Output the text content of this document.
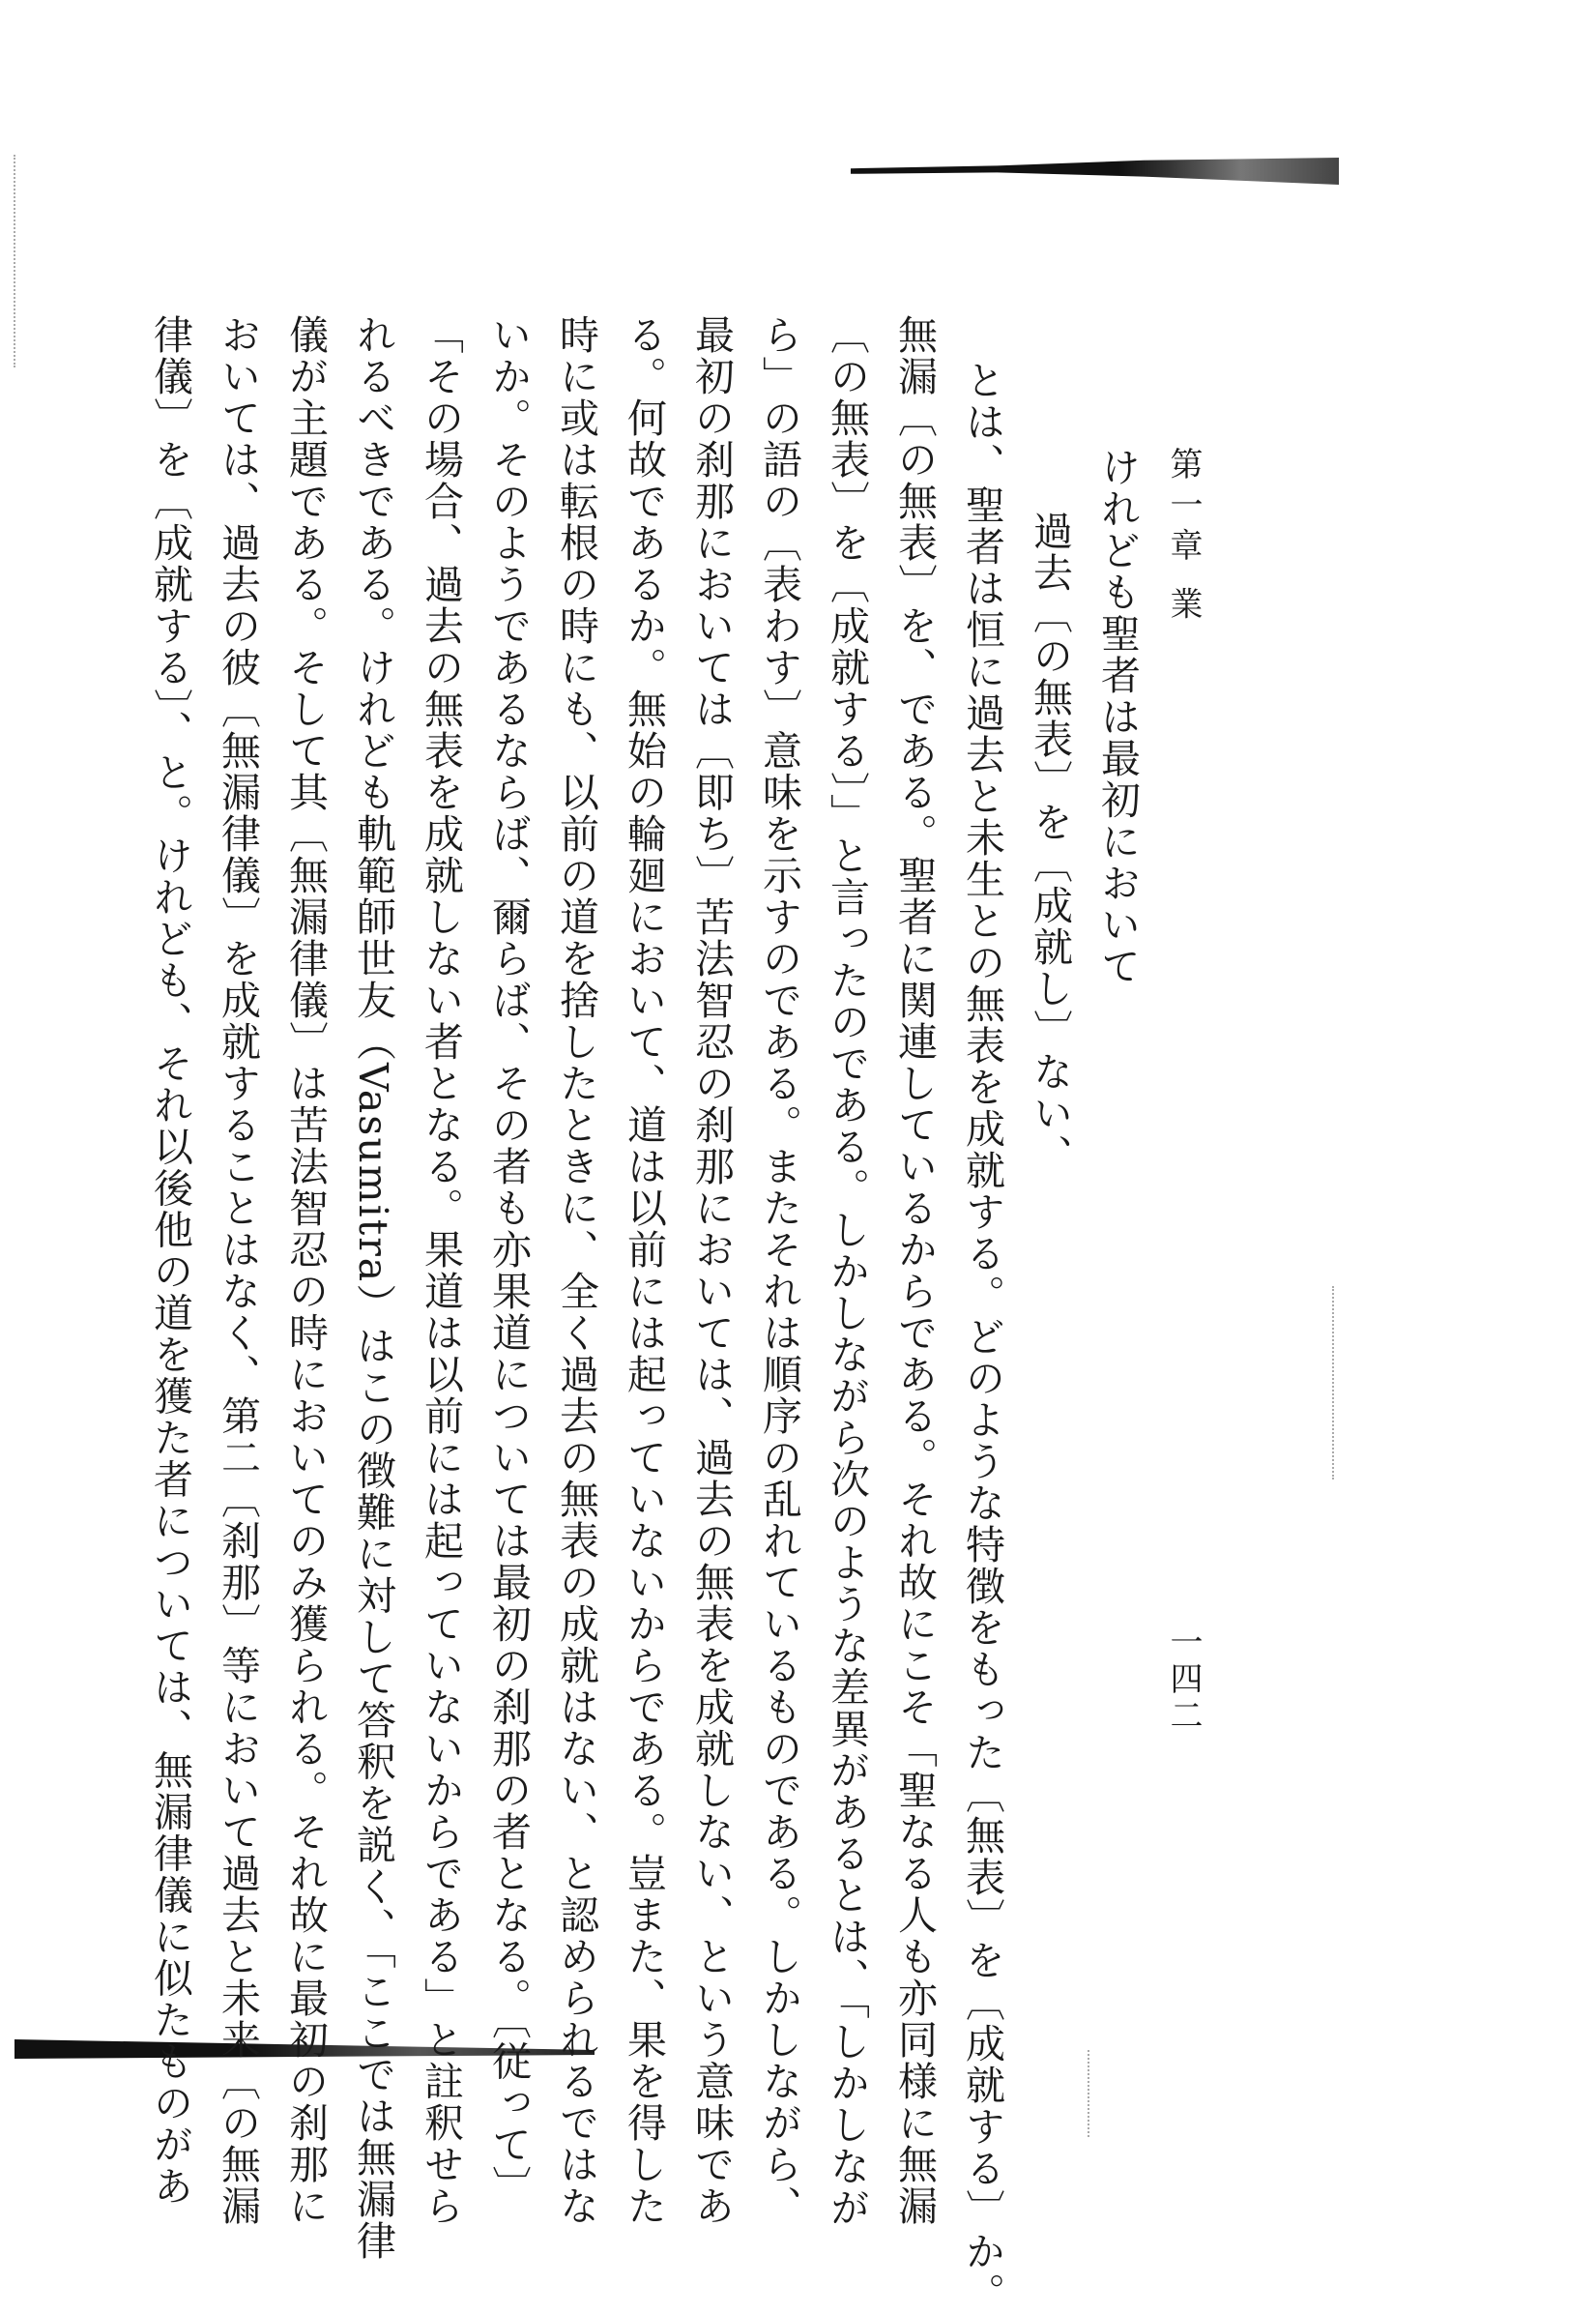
第一章 業
一四二
けれども聖者は最初において
過去〔の無表〕を〔成就し〕ない、
とは、聖者は恒に過去と未生との無表を成就する。どのような特徴をもった〔無表〕を〔成就する〕か。
無漏〔の無表〕を、である。聖者に関連しているからである。それ故にこそ「聖なる人も亦同様に無漏
〔の無表〕を〔成就する〕」と言ったのである。しかしながら次のような差異があるとは、「しかしなが
ら」の語の〔表わす〕意味を示すのである。またそれは順序の乱れているものである。しかしながら、
最初の刹那においては〔即ち〕苦法智忍の刹那においては、過去の無表を成就しない、という意味であ
る。何故であるか。無始の輪廻において、道は以前には起っていないからである。豈また、果を得した
時に或は転根の時にも、以前の道を捨したときに、全く過去の無表の成就はない、と認められるではな
いか。そのようであるならば、爾らば、その者も亦果道については最初の刹那の者となる。〔従って〕
「その場合、過去の無表を成就しない者となる。果道は以前には起っていないからである」と註釈せら
れるべきである。けれども軌範師世友（Vasumitra）はこの徴難に対して答釈を説く、「ここでは無漏律
儀が主題である。そして其〔無漏律儀〕は苦法智忍の時においてのみ獲られる。それ故に最初の刹那に
おいては、過去の彼〔無漏律儀〕を成就することはなく、第二〔刹那〕等において過去と未来〔の無漏
律儀〕を〔成就する〕、と。けれども、それ以後他の道を獲た者については、無漏律儀に似たものがあ
